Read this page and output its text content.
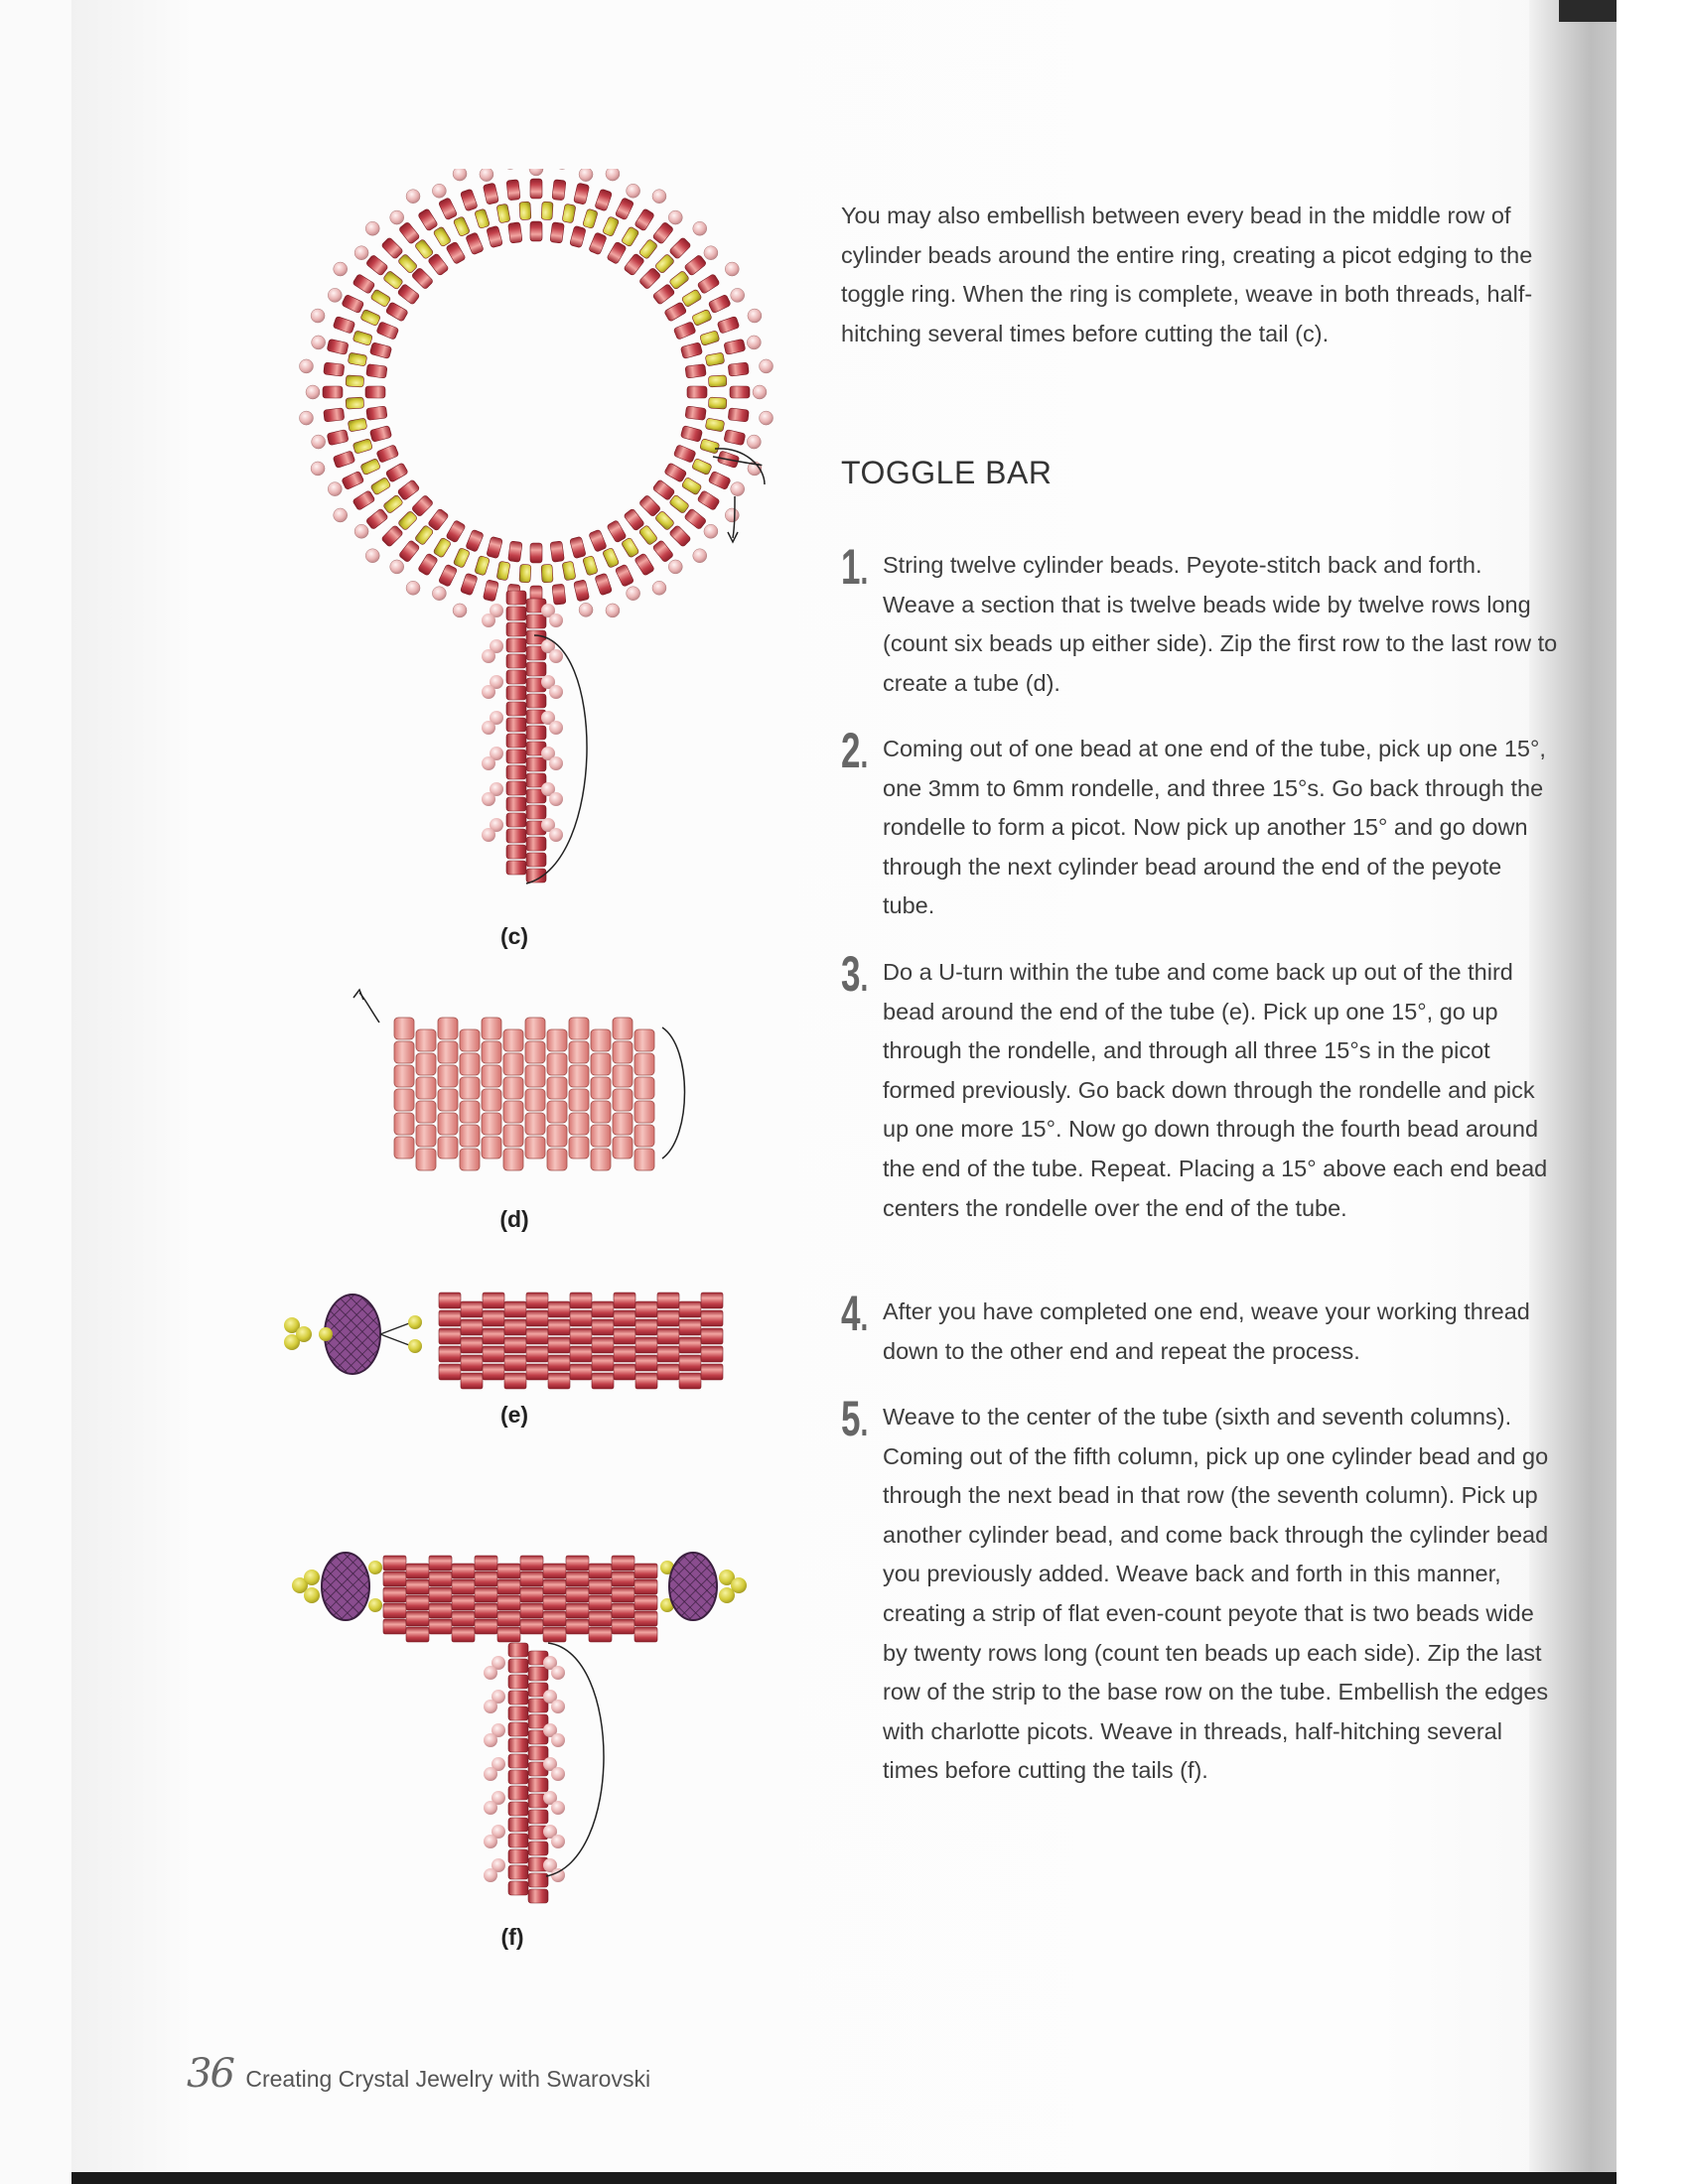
(c)
(d)
(e)
(f)
You may also embellish between every bead in the middle row of cylinder beads around the entire ring, creating a picot edging to the toggle ring. When the ring is complete, weave in both threads, half-hitching several times before cutting the tail (c).
TOGGLE BAR
1 . String twelve cylinder beads. Peyote-stitch back and forth. Weave a section that is twelve beads wide by twelve rows long (count six beads up either side). Zip the first row to the last row to create a tube (d).
2 . Coming out of one bead at one end of the tube, pick up one 15°, one 3mm to 6mm rondelle, and three 15°s. Go back through the rondelle to form a picot. Now pick up another 15° and go down through the next cylinder bead around the end of the peyote tube.
3 . Do a U-turn within the tube and come back up out of the third bead around the end of the tube (e). Pick up one 15°, go up through the rondelle, and through all three 15°s in the picot formed previously. Go back down through the rondelle and pick up one more 15°. Now go down through the fourth bead around the end of the tube. Repeat. Placing a 15° above each end bead centers the rondelle over the end of the tube.
4 . After you have completed one end, weave your working thread down to the other end and repeat the process.
5 . Weave to the center of the tube (sixth and seventh columns). Coming out of the fifth column, pick up one cylinder bead and go through the next bead in that row (the seventh column). Pick up another cylinder bead, and come back through the cylinder bead you previously added. Weave back and forth in this manner, creating a strip of flat even-count peyote that is two beads wide by twenty rows long (count ten beads up each side). Zip the last row of the strip to the base row on the tube. Embellish the edges with charlotte picots. Weave in threads, half-hitching several times before cutting the tails (f).
36 Creating Crystal Jewelry with Swarovski
